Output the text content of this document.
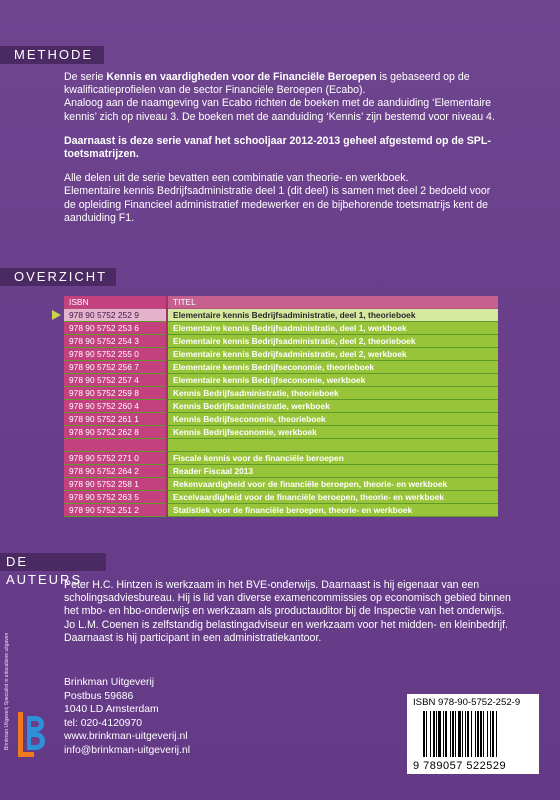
METHODE

De serie Kennis en vaardigheden voor de Financiële Beroepen is gebaseerd op de kwalificatieprofielen van de sector Financiële Beroepen (Ecabo).

Analoog aan de naamgeving van Ecabo richten de boeken met de aanduiding ‘Elementaire kennis’ zich op niveau 3. De boeken met de aanduiding ‘Kennis’ zijn bestemd voor niveau 4.

Daarnaast is deze serie vanaf het schooljaar 2012-2013 geheel afgestemd op de SPL-toetsmatrijzen.

Alle delen uit de serie bevatten een combinatie van theorie- en werkboek.

Elementaire kennis Bedrijfsadministratie deel 1 (dit deel) is samen met deel 2 bedoeld voor de opleiding Financieel administratief medewerker en de bijbehorende toetsmatrijs kent de aanduiding F1.

OVERZICHT
ISBN	TITEL
978 90 5752 252 9	Elementaire kennis Bedrijfsadministratie, deel 1, theorieboek
978 90 5752 253 6	Elementaire kennis Bedrijfsadministratie, deel 1, werkboek
978 90 5752 254 3	Elementaire kennis Bedrijfsadministratie, deel 2, theorieboek
978 90 5752 255 0	Elementaire kennis Bedrijfsadministratie, deel 2, werkboek
978 90 5752 256 7	Elementaire kennis Bedrijfseconomie, theorieboek
978 90 5752 257 4	Elementaire kennis Bedrijfseconomie, werkboek
978 90 5752 259 8	Kennis Bedrijfsadministratie, theorieboek
978 90 5752 260 4	Kennis Bedrijfsadministratie, werkboek
978 90 5752 261 1	Kennis Bedrijfseconomie, theorieboek
978 90 5752 262 8	Kennis Bedrijfseconomie, werkboek

978 90 5752 271 0	Fiscale kennis voor de financiële beroepen
978 90 5752 264 2	Reader Fiscaal 2013
978 90 5752 258 1	Rekenvaardigheid voor de financiële beroepen, theorie- en werkboek
978 90 5752 263 5	Excelvaardigheid voor de financiële beroepen, theorie- en werkboek
978 90 5752 251 2	Statistiek voor de financiële beroepen, theorie- en werkboek
DE AUTEURS

Peter H.C. Hintzen is werkzaam in het BVE-onderwijs. Daarnaast is hij eigenaar van een scholingsadviesbureau. Hij is lid van diverse examencommissies op economisch gebied binnen het mbo- en hbo-onderwijs en werkzaam als productauditor bij de Inspectie van het onderwijs.

Jo L.M. Coenen is zelfstandig belastingadviseur en werkzaam voor het midden- en kleinbedrijf. Daarnaast is hij participant in een administratiekantoor.

Brinkman Uitgeverij Specialist in educatieve uitgaven	Brinkman Uitgeverij
Postbus 59686
1040 LD Amsterdam
tel: 020-4120970
www.brinkman-uitgeverij.nl
info@brinkman-uitgeverij.nl
ISBN 978-90-5752-252-9
9 789057 522529
